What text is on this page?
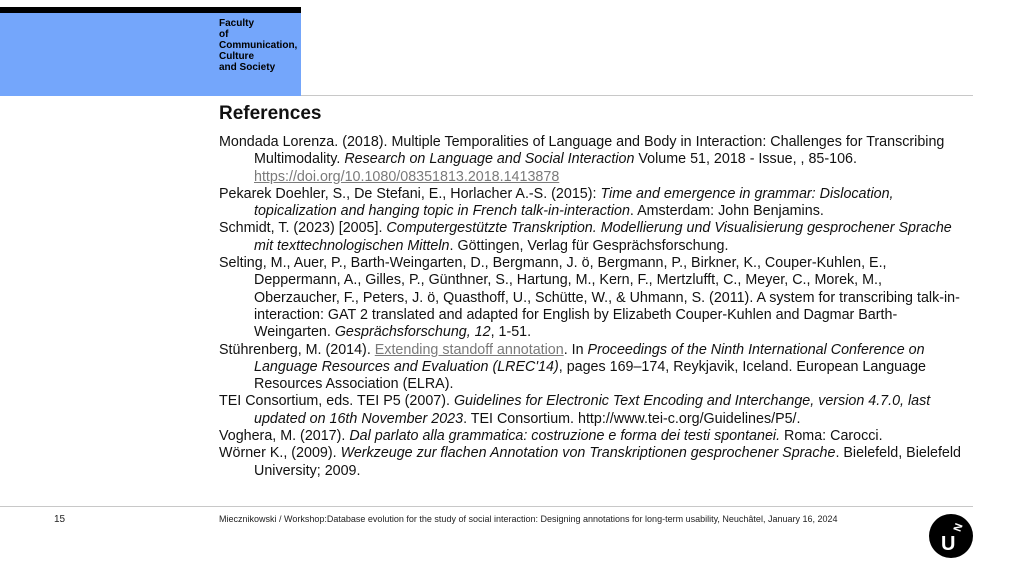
Faculty
of
Communication,
Culture
and Society
References

Mondada Lorenza. (2018). Multiple Temporalities of Language and Body in Interaction: Challenges for Transcribing Multimodality. Research on Language and Social Interaction Volume 51, 2018 - Issue, , 85-106.
https://doi.org/10.1080/08351813.2018.1413878

Pekarek Doehler, S., De Stefani, E., Horlacher A.-S. (2015): Time and emergence in grammar: Dislocation, topicalization and hanging topic in French talk-in-interaction. Amsterdam: John Benjamins.

Schmidt, T. (2023) [2005]. Computergestützte Transkription. Modellierung und Visualisierung gesprochener Sprache mit texttechnologischen Mitteln. Göttingen, Verlag für Gesprächsforschung.

Selting, M., Auer, P., Barth-Weingarten, D., Bergmann, J. ö, Bergmann, P., Birkner, K., Couper-Kuhlen, E., Deppermann, A., Gilles, P., Günthner, S., Hartung, M., Kern, F., Mertzlufft, C., Meyer, C., Morek, M., Oberzaucher, F., Peters, J. ö, Quasthoff, U., Schütte, W., & Uhmann, S. (2011). A system for transcribing talk-in-interaction: GAT 2 translated and adapted for English by Elizabeth Couper-Kuhlen and Dagmar Barth-Weingarten. Gesprächsforschung, 12, 1-51.

Stührenberg, M. (2014). Extending standoff annotation. In Proceedings of the Ninth International Conference on Language Resources and Evaluation (LREC'14), pages 169–174, Reykjavik, Iceland. European Language Resources Association (ELRA).

TEI Consortium, eds. TEI P5 (2007). Guidelines for Electronic Text Encoding and Interchange, version 4.7.0, last updated on 16th November 2023. TEI Consortium. http://www.tei-c.org/Guidelines/P5/.

Voghera, M. (2017). Dal parlato alla grammatica: costruzione e forma dei testi spontanei. Roma: Carocci.

Wörner K., (2009). Werkzeuge zur flachen Annotation von Transkriptionen gesprochener Sprache. Bielefeld, Bielefeld University; 2009.

15	Miecznikowski / Workshop:Database evolution for the study of social interaction: Designing annotations for long-term usability, Neuchâtel, January 16, 2024
U
N
